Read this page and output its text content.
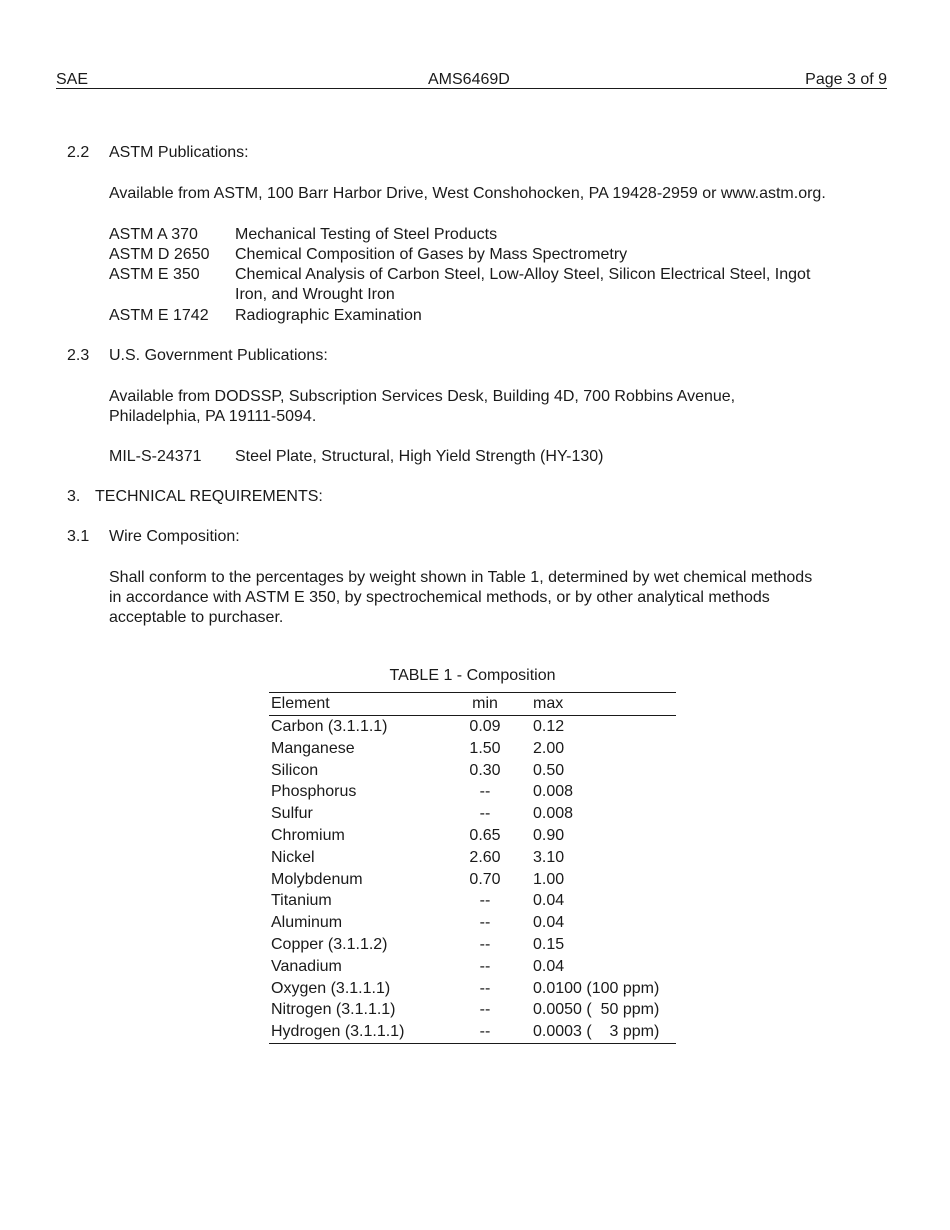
SAE	AMS6469D	Page 3 of 9
2.2 ASTM Publications:
Available from ASTM, 100 Barr Harbor Drive, West Conshohocken, PA 19428-2959 or www.astm.org.
ASTM A 370 Mechanical Testing of Steel Products
ASTM D 2650 Chemical Composition of Gases by Mass Spectrometry
ASTM E 350 Chemical Analysis of Carbon Steel, Low-Alloy Steel, Silicon Electrical Steel, Ingot
Iron, and Wrought Iron
ASTM E 1742 Radiographic Examination
2.3 U.S. Government Publications:
Available from DODSSP, Subscription Services Desk, Building 4D, 700 Robbins Avenue,
Philadelphia, PA 19111-5094.
MIL-S-24371 Steel Plate, Structural, High Yield Strength (HY-130)
3. TECHNICAL REQUIREMENTS:
3.1 Wire Composition:
Shall conform to the percentages by weight shown in Table 1, determined by wet chemical methods
in accordance with ASTM E 350, by spectrochemical methods, or by other analytical methods
acceptable to purchaser.
TABLE 1 - Composition
Element	min	max
Carbon (3.1.1.1)	0.09	0.12
Manganese	1.50	2.00
Silicon	0.30	0.50
Phosphorus	--	0.008
Sulfur	--	0.008
Chromium	0.65	0.90
Nickel	2.60	3.10
Molybdenum	0.70	1.00
Titanium	--	0.04
Aluminum	--	0.04
Copper (3.1.1.2)	--	0.15
Vanadium	--	0.04
Oxygen (3.1.1.1)	--	0.0100 (100 ppm)
Nitrogen (3.1.1.1)	--	0.0050 (  50 ppm)
Hydrogen (3.1.1.1)	--	0.0003 (    3 ppm)
